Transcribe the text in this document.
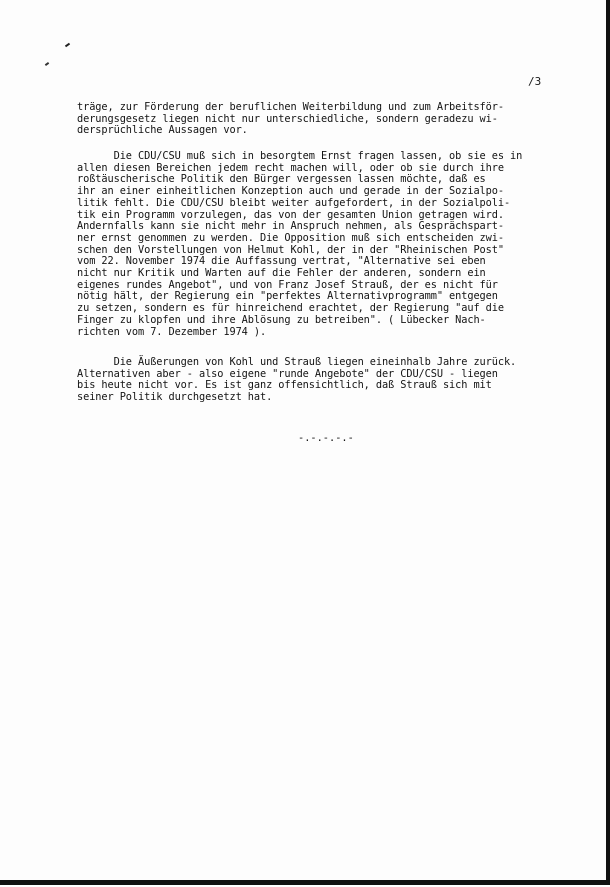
/3

träge, zur Förderung der beruflichen Weiterbildung und zum Arbeitsför-
derungsgesetz liegen nicht nur unterschiedliche, sondern geradezu wi-
dersprüchliche Aussagen vor.

Die CDU/CSU muß sich in besorgtem Ernst fragen lassen, ob sie es in
allen diesen Bereichen jedem recht machen will, oder ob sie durch ihre
roßtäuscherische Politik den Bürger vergessen lassen möchte, daß es
ihr an einer einheitlichen Konzeption auch und gerade in der Sozialpo-
litik fehlt. Die CDU/CSU bleibt weiter aufgefordert, in der Sozialpoli-
tik ein Programm vorzulegen, das von der gesamten Union getragen wird.
Andernfalls kann sie nicht mehr in Anspruch nehmen, als Gesprächspart-
ner ernst genommen zu werden. Die Opposition muß sich entscheiden zwi-
schen den Vorstellungen von Helmut Kohl, der in der "Rheinischen Post"
vom 22. November 1974 die Auffassung vertrat, "Alternative sei eben
nicht nur Kritik und Warten auf die Fehler der anderen, sondern ein
eigenes rundes Angebot", und von Franz Josef Strauß, der es nicht für
nötig hält, der Regierung ein "perfektes Alternativprogramm" entgegen
zu setzen, sondern es für hinreichend erachtet, der Regierung "auf die
Finger zu klopfen und ihre Ablösung zu betreiben". ( Lübecker Nach-
richten vom 7. Dezember 1974 ).

Die Äußerungen von Kohl und Strauß liegen eineinhalb Jahre zurück.
Alternativen aber - also eigene "runde Angebote" der CDU/CSU - liegen
bis heute nicht vor. Es ist ganz offensichtlich, daß Strauß sich mit
seiner Politik durchgesetzt hat.

-.-.-.-.-
